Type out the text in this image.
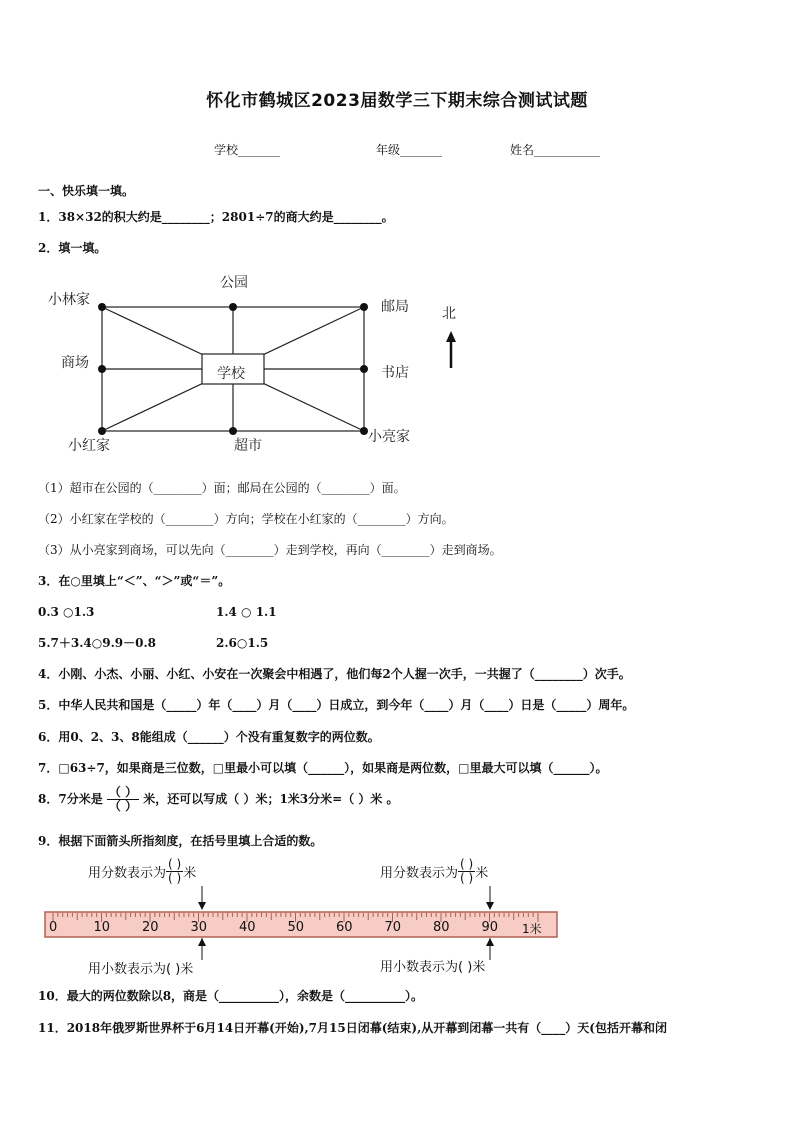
怀化市鹤城区2023届数学三下期末综合测试试题
学校_______	年级_______	姓名___________
一、快乐填一填。
1．38×32的积大约是________；2801÷7的商大约是________。
2．填一填。
小林家
公园
邮局
商场
学校	书店
小红家	超市
小亮家
北
（1）超市在公园的（________）面；邮局在公园的（________）面。
（2）小红家在学校的（________）方向；学校在小红家的（________）方向。
（3）从小亮家到商场，可以先向（________）走到学校，再向（________）走到商场。
3．在○里填上“＜”、“＞”或“＝”。
0.3 ○1.3	1.4 ○ 1.1
5.7＋3.4○9.9－0.8	2.6○1.5
4．小刚、小杰、小丽、小红、小安在一次聚会中相遇了，他们每2个人握一次手，一共握了（________）次手。
5．中华人民共和国是（_____）年（____）月（____）日成立，到今年（____）月（____）日是（_____）周年。
6．用0、2、3、8能组成（______）个没有重复数字的两位数。
7．□63÷7，如果商是三位数，□里最小可以填（______），如果商是两位数，□里最大可以填（______）。
8．7分米是 $\frac{( )}{( )}$ 米，还可以写成（ ）米；1米3分米=（ ）米 。
9．根据下面箭头所指刻度，在括号里填上合适的数。
用分数表示为 $\frac{( )}{( )}$ 米	用分数表示为 $\frac{( )}{( )}$ 米
0	10 20 30 40 50 60 70 80 90 1米
用小数表示为( )米	用小数表示为( )米
10．最大的两位数除以8，商是（__________），余数是（__________）。
11．2018年俄罗斯世界杯于6月14日开幕(开始),7月15日闭幕(结束),从开幕到闭幕一共有（____）天(包括开幕和闭
